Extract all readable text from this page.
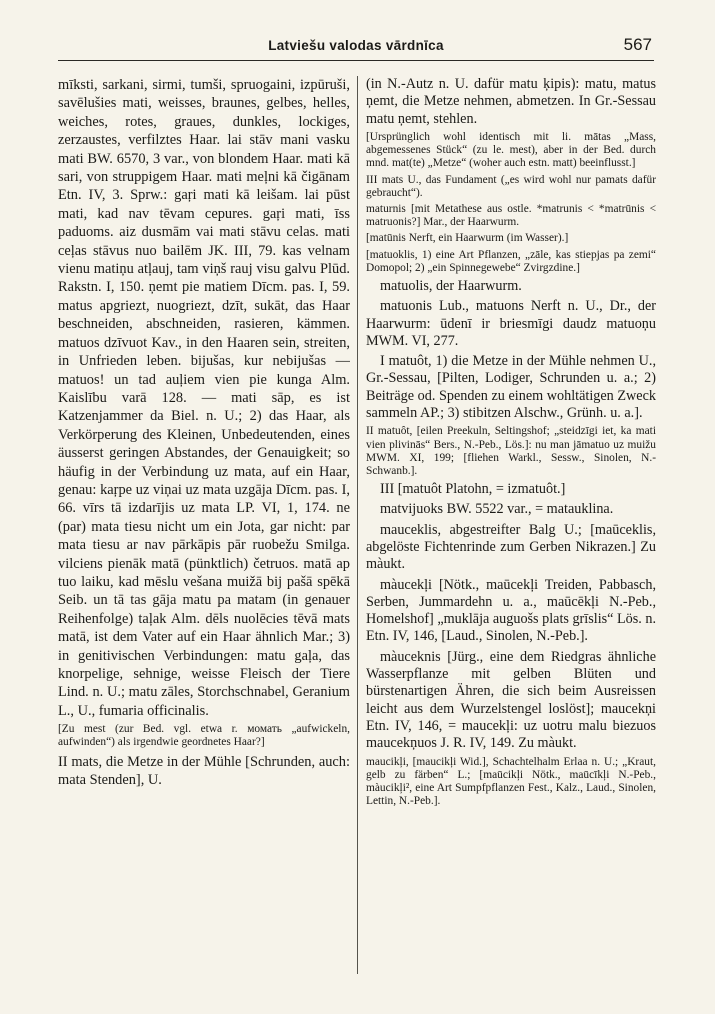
Latviešu valodas vārdnīca	567

mīksti, sarkani, sirmi, tumši, spruogaini, izpūruši, savēlušies mati, weisses, braunes, gelbes, helles, weiches, rotes, graues, dunkles, lockiges, zerzaustes, verfilztes Haar. lai stāv mani vasku mati BW. 6570, 3 var., von blondem Haar. mati kā sari, von struppigem Haar. mati meļni kā čigānam Etn. IV, 3. Sprw.: gaŗi mati kā leišam. lai pūst mati, kad nav tēvam cepures. gaŗi mati, īss paduoms. aiz dusmām vai mati stāvu celas. mati ceļas stāvus nuo bailēm JK. III, 79. kas velnam vienu matiņu atļauj, tam viņš rauj visu galvu Plūd. Rakstn. I, 150. ņemt pie matiem Dīcm. pas. I, 59. matus apgriezt, nuogriezt, dzīt, sukāt, das Haar beschneiden, abschneiden, rasieren, kämmen. matuos dzīvuot Kav., in den Haaren sein, streiten, in Unfrieden leben. bijušas, kur nebijušas — matuos! un tad auļiem vien pie kunga Alm. Kaislību varā 128. — mati sāp, es ist Katzenjammer da Biel. n. U.; 2) das Haar, als Verkörperung des Kleinen, Unbedeutenden, eines äusserst geringen Abstandes, der Genauigkeit; so häufig in der Verbindung uz mata, auf ein Haar, genau: kaŗpe uz viņai uz mata uzgāja Dīcm. pas. I, 66. vīrs tā izdarījis uz mata LP. VI, 1, 174. ne (par) mata tiesu nicht um ein Jota, gar nicht: par mata tiesu ar nav pārkāpis pār ruobežu Smilga. vilciens pienāk matā (pünktlich) četruos. matā ap tuo laiku, kad mēslu vešana muižā bij pašā spēkā Seib. un tā tas gāja matu pa matam (in genauer Reihenfolge) taļak Alm. dēls nuolēcies tēvā mats matā, ist dem Vater auf ein Haar ähnlich Mar.; 3) in genitivischen Verbindungen: matu gaļa, das knorpelige, sehnige, weisse Fleisch der Tiere Lind. n. U.; matu zāles, Storchschnabel, Geranium L., U., fumaria officinalis.

[Zu mest (zur Bed. vgl. etwa r. момать „aufwickeln, aufwinden“) als irgendwie geordnetes Haar?]

II mats, die Metze in der Mühle [Schrunden, auch: mata Stenden], U.

(in N.-Autz n. U. dafür matu ķipis): matu, matus ņemt, die Metze nehmen, abmetzen. In Gr.-Sessau matu ņemt, stehlen.

[Ursprünglich wohl identisch mit li. mātas „Mass, abgemessenes Stück“ (zu le. mest), aber in der Bed. durch mnd. mat(te) „Metze“ (woher auch estn. matt) beeinflusst.]

III mats U., das Fundament („es wird wohl nur pamats dafür gebraucht“).

maturnis [mit Metathese aus ostle. *matrunis < *matrūnis < matruonis?] Mar., der Haarwurm.

[matūnis Nerft, ein Haarwurm (im Wasser).]

[matuoklis, 1) eine Art Pflanzen, „zāle, kas stiepjas pa zemi“ Domopol; 2) „ein Spinnegewebe“ Zvirgzdine.]

matuolis, der Haarwurm.

matuonis Lub., matuons Nerft n. U., Dr., der Haarwurm: ūdenī ir briesmīgi daudz matuoņu MWM. VI, 277.

I matuôt, 1) die Metze in der Mühle nehmen U., Gr.-Sessau, [Pilten, Lodiger, Schrunden u. a.; 2) Beiträge od. Spenden zu einem wohltätigen Zweck sammeln AP.; 3) stibitzen Alschw., Grünh. u. a.].

II matuôt, [eilen Preekuln, Seltingshof; „steidzīgi iet, ka mati vien plivinās“ Bers., N.-Peb., Lös.]: nu man jāmatuo uz muižu MWM. XI, 199; [fliehen Warkl., Sessw., Sinolen, N.-Schwanb.].

III [matuôt Platohn, = izmatuôt.]

matvijuoks BW. 5522 var., = matauklina.

mauceklis, abgestreifter Balg U.; [maūceklis, abgelöste Fichtenrinde zum Gerben Nikrazen.] Zu màukt.

màucekļi [Nötk., maūcekļi Treiden, Pabbasch, Serben, Jummardehn u. a., maūcēkļi N.-Peb., Homelshof] „muklāja auguošs plats grīslis“ Lös. n. Etn. IV, 146, [Laud., Sinolen, N.-Peb.].

màuceknis [Jürg., eine dem Riedgras ähnliche Wasserpflanze mit gelben Blüten und bürstenartigen Ähren, die sich beim Ausreissen leicht aus dem Wurzelstengel loslöst]; maucekņi Etn. IV, 146, = maucekļi: uz uotru malu biezuos maucekņuos J. R. IV, 149. Zu màukt.

maucikļi, [maucikļi Wid.], Schachtelhalm Erlaa n. U.; „Kraut, gelb zu färben“ L.; [maūcikļi Nötk., maūcīkļi N.-Peb., màucikļi², eine Art Sumpfpflanzen Fest., Kalz., Laud., Sinolen, Lettin, N.-Peb.].
